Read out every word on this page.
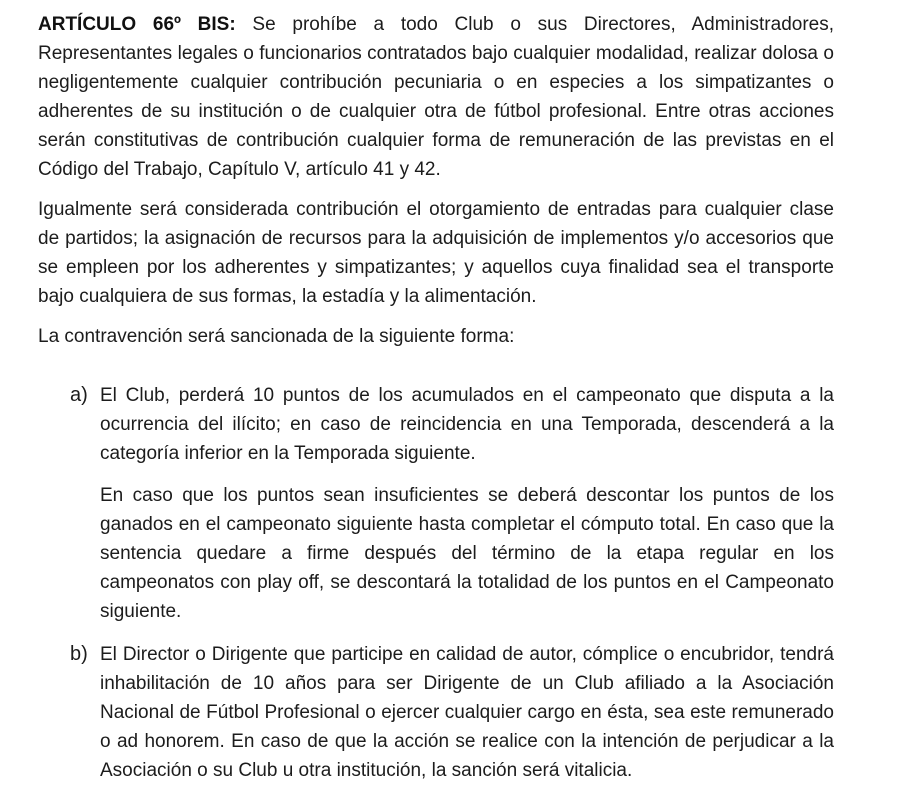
ARTÍCULO 66º BIS: Se prohíbe a todo Club o sus Directores, Administradores, Representantes legales o funcionarios contratados bajo cualquier modalidad, realizar dolosa o negligentemente cualquier contribución pecuniaria o en especies a los simpatizantes o adherentes de su institución o de cualquier otra de fútbol profesional. Entre otras acciones serán constitutivas de contribución cualquier forma de remuneración de las previstas en el Código del Trabajo, Capítulo V, artículo 41 y 42.

Igualmente será considerada contribución el otorgamiento de entradas para cualquier clase de partidos; la asignación de recursos para la adquisición de implementos y/o accesorios que se empleen por los adherentes y simpatizantes; y aquellos cuya finalidad sea el transporte bajo cualquiera de sus formas, la estadía y la alimentación.

La contravención será sancionada de la siguiente forma:

a) El Club, perderá 10 puntos de los acumulados en el campeonato que disputa a la ocurrencia del ilícito; en caso de reincidencia en una Temporada, descenderá a la categoría inferior en la Temporada siguiente.

En caso que los puntos sean insuficientes se deberá descontar los puntos de los ganados en el campeonato siguiente hasta completar el cómputo total. En caso que la sentencia quedare a firme después del término de la etapa regular en los campeonatos con play off, se descontará la totalidad de los puntos en el Campeonato siguiente.

b) El Director o Dirigente que participe en calidad de autor, cómplice o encubridor, tendrá inhabilitación de 10 años para ser Dirigente de un Club afiliado a la Asociación Nacional de Fútbol Profesional o ejercer cualquier cargo en ésta, sea este remunerado o ad honorem. En caso de que la acción se realice con la intención de perjudicar a la Asociación o su Club u otra institución, la sanción será vitalicia.
